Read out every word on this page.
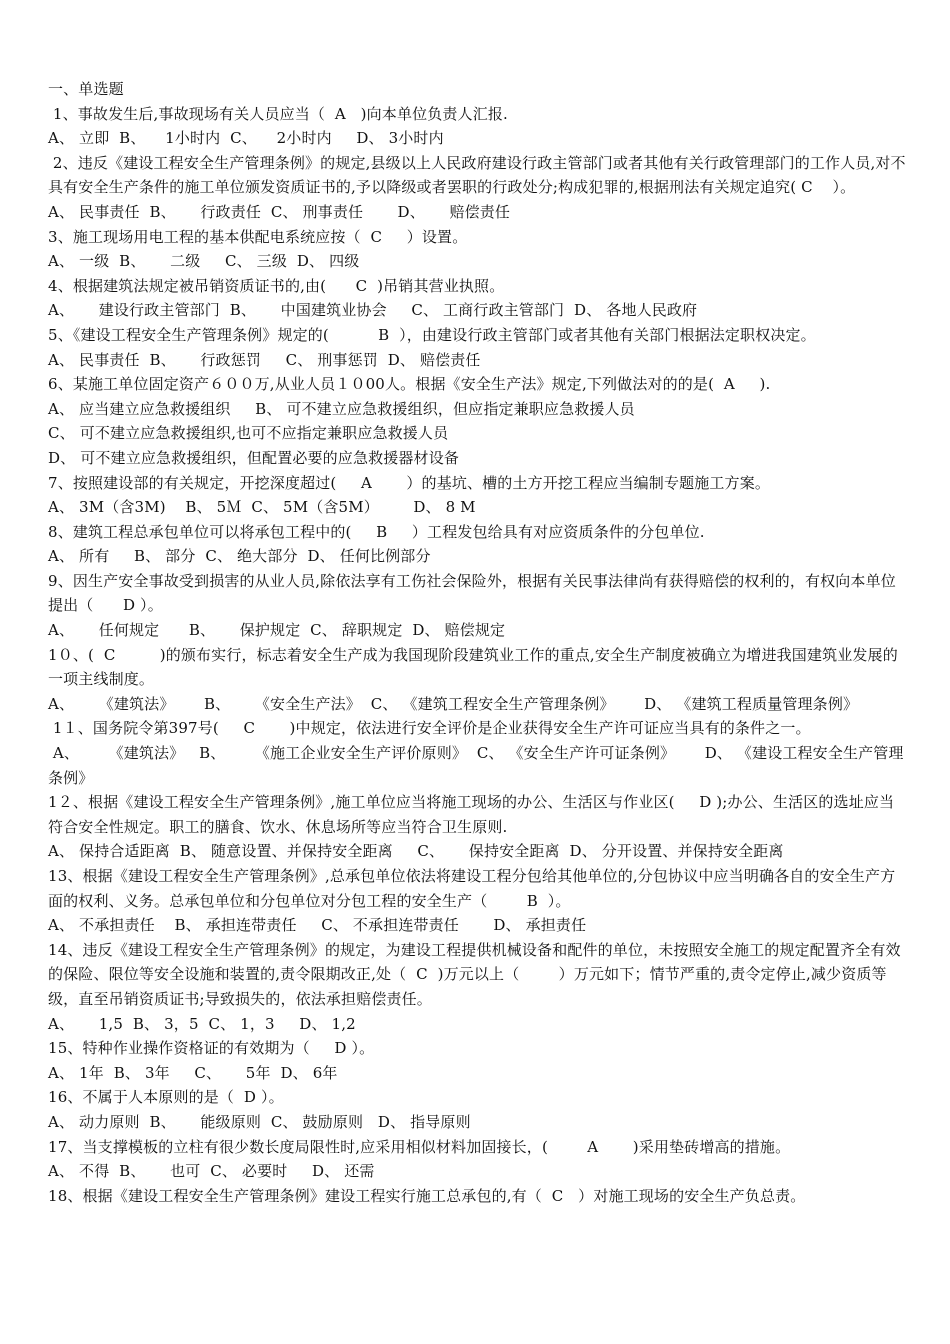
一、单选题
1、事故发生后,事故现场有关人员应当（  A   )向本单位负责人汇报.
A、 立即  B、    1小时内  C、    2小时内     D、 3小时内
2、违反《建设工程安全生产管理条例》的规定,县级以上人民政府建设行政主管部门或者其他有关行政管理部门的工作人员,对不具有安全生产条件的施工单位颁发资质证书的,予以降级或者罢职的行政处分;构成犯罪的,根据刑法有关规定追究( C    ）。
A、 民事责任  B、     行政责任  C、 刑事责任       D、     赔偿责任
3、施工现场用电工程的基本供配电系统应按（  C     ）设置。
A、 一级  B、     二级     C、 三级  D、 四级
4、根据建筑法规定被吊销资质证书的,由(      C  )吊销其营业执照。
A、     建设行政主管部门  B、     中国建筑业协会     C、 工商行政主管部门  D、 各地人民政府
5、《建设工程安全生产管理条例》规定的(          B  ），由建设行政主管部门或者其他有关部门根据法定职权决定。
A、 民事责任  B、     行政惩罚     C、 刑事惩罚  D、 赔偿责任
6、某施工单位固定资产６００万,从业人员１０00人。根据《安全生产法》规定,下列做法对的的是(  A     ).
A、 应当建立应急救援组织     B、 可不建立应急救援组织，但应指定兼职应急救援人员
C、 可不建立应急救援组织,也可不应指定兼职应急救援人员
D、 可不建立应急救援组织，但配置必要的应急救援器材设备
7、按照建设部的有关规定，开挖深度超过(     A       ）的基坑、槽的土方开挖工程应当编制专题施工方案。
A、 3M（含3M)    B、 5Ｍ  C、 5M（含5M）       D、 8 M
8、建筑工程总承包单位可以将承包工程中的(     B     ）工程发包给具有对应资质条件的分包单位.
A、 所有     B、 部分  C、 绝大部分  D、 任何比例部分
9、因生产安全事故受到损害的从业人员,除依法享有工伤社会保险外，根据有关民事法律尚有获得赔偿的权利的，有权向本单位提出（      D ）。
A、     任何规定      B、     保护规定  C、 辞职规定  D、 赔偿规定
1０、(  C         )的颁布实行，标志着安全生产成为我国现阶段建筑业工作的重点,安全生产制度被确立为增进我国建筑业发展的一项主线制度。
A、     《建筑法》      B、     《安全生产法》  C、 《建筑工程安全生产管理条例》      D、 《建筑工程质量管理条例》
1１、国务院令第397号(     C       )中规定，依法进行安全评价是企业获得安全生产许可证应当具有的条件之一。
A、      《建筑法》   B、      《施工企业安全生产评价原则》  C、 《安全生产许可证条例》      D、 《建设工程安全生产管理条例》
1２、根据《建设工程安全生产管理条例》,施工单位应当将施工现场的办公、生活区与作业区(     D );办公、生活区的选址应当符合安全性规定。职工的膳食、饮水、休息场所等应当符合卫生原则.
A、 保持合适距离  B、 随意设置、并保持安全距离     C、     保持安全距离  D、 分开设置、并保持安全距离
13、根据《建设工程安全生产管理条例》,总承包单位依法将建设工程分包给其他单位的,分包协议中应当明确各自的安全生产方面的权利、义务。总承包单位和分包单位对分包工程的安全生产（        B  ）。
A、 不承担责任    B、 承担连带责任     C、 不承担连带责任       D、 承担责任
14、违反《建设工程安全生产管理条例》的规定，为建设工程提供机械设备和配件的单位，未按照安全施工的规定配置齐全有效的保险、限位等安全设施和装置的,责令限期改正,处（  C  )万元以上（        ）万元如下；情节严重的,责令定停止,减少资质等级，直至吊销资质证书;导致损失的，依法承担赔偿责任。
A、     1,5  B、 3，5  C、 1，3     D、 1,2
15、特种作业操作资格证的有效期为（     D ）。
A、 1年  B、 3年     C、     5年  D、 6年
16、不属于人本原则的是（  D ）。
A、 动力原则  B、     能级原则  C、 鼓励原则   D、 指导原则
17、当支撑模板的立柱有很少数长度局限性时,应采用相似材料加固接长，(        A       )采用垫砖增高的措施。
A、 不得  B、     也可  C、 必要时     D、 还需
18、根据《建设工程安全生产管理条例》建设工程实行施工总承包的,有（  C   ）对施工现场的安全生产负总责。
